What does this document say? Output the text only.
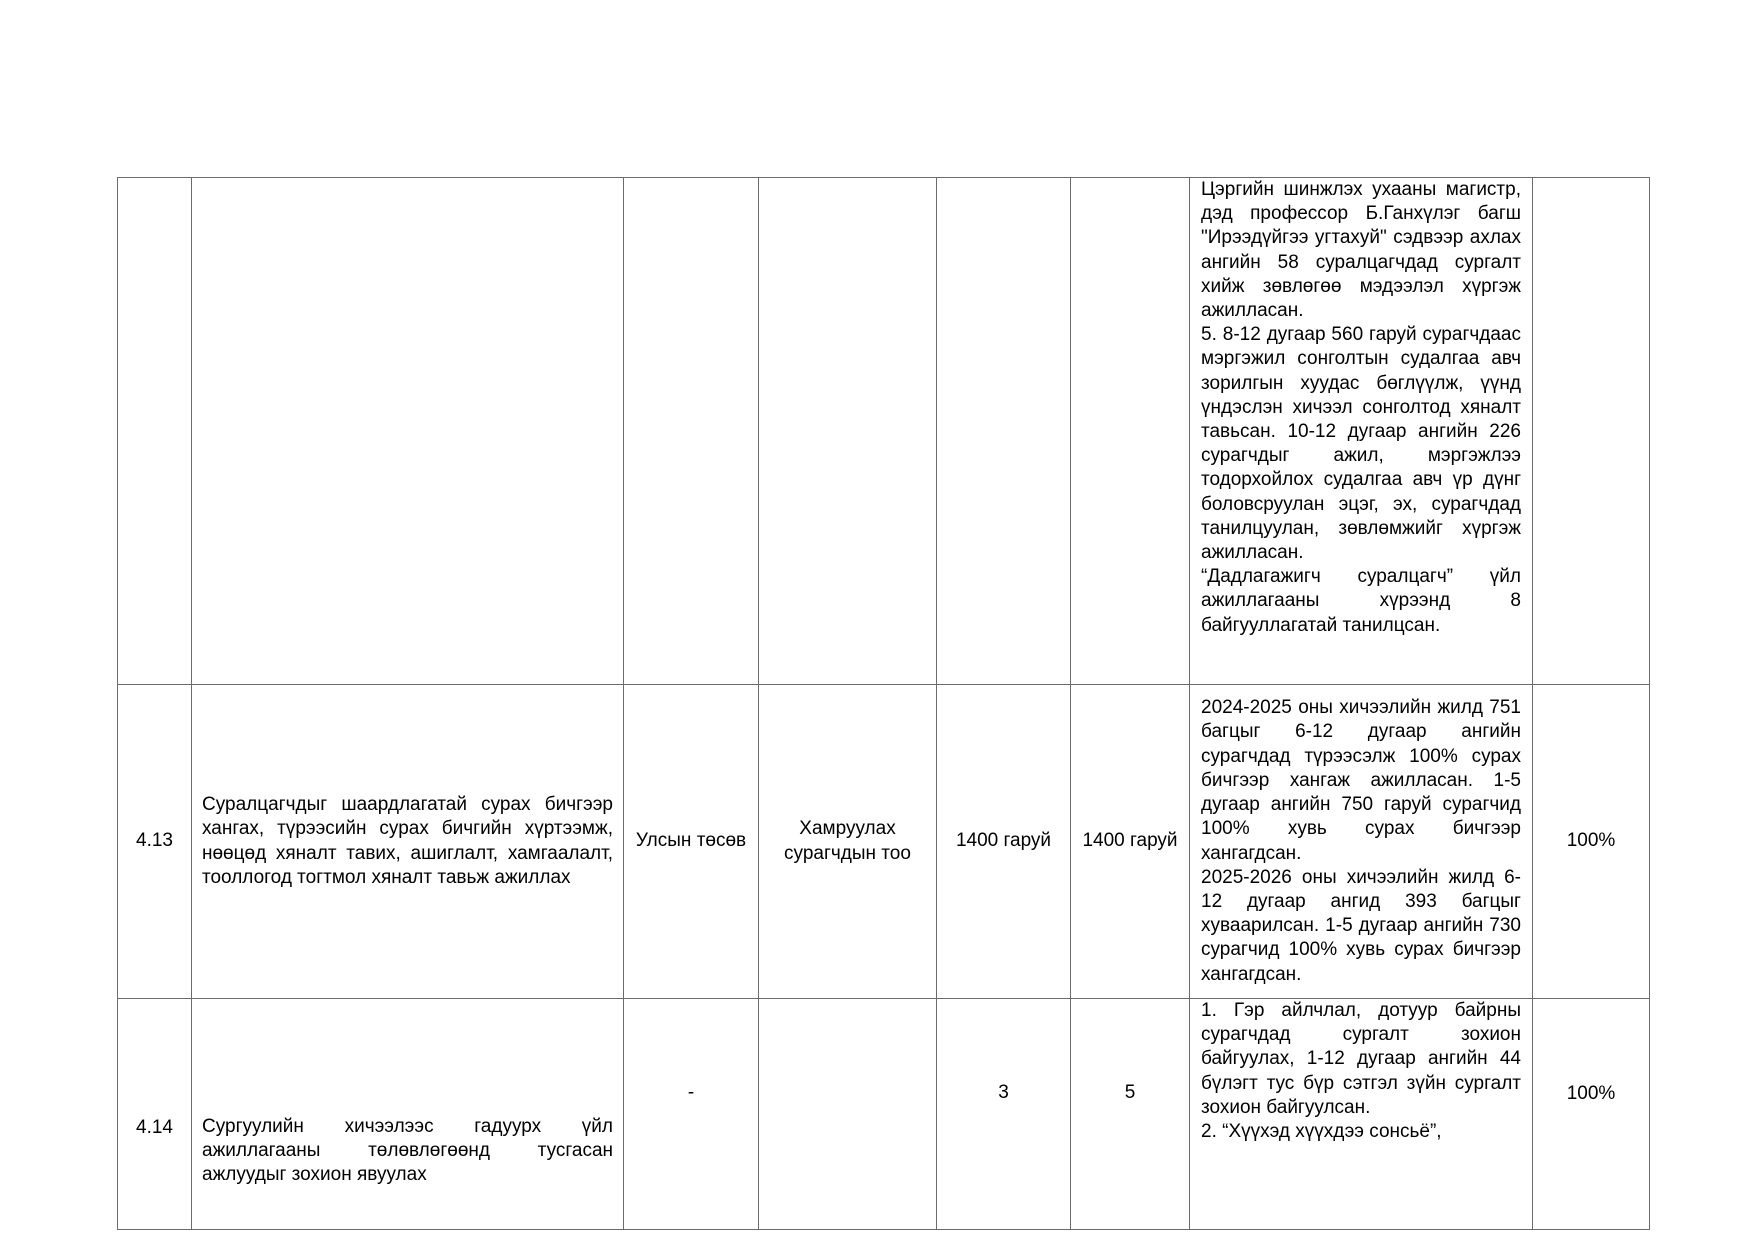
						Цэргийн шинжлэх ухааны магистр, дэд профессор Б.Ганхүлэг багш "Ирээдүйгээ угтахуй" сэдвээр ахлах ангийн 58 суралцагчдад сургалт хийж зөвлөгөө мэдээлэл хүргэж ажилласан.

5. 8-12 дугаар 560 гаруй сурагчдаас мэргэжил сонголтын судалгаа авч зорилгын хуудас бөглүүлж, үүнд үндэслэн хичээл сонголтод хяналт тавьсан. 10-12 дугаар ангийн 226 сурагчдыг ажил, мэргэжлээ тодорхойлох судалгаа авч үр дүнг боловсруулан эцэг, эх, сурагчдад танилцуулан, зөвлөмжийг хүргэж ажилласан.

“Дадлагажигч суралцагч” үйл ажиллагааны хүрээнд 8 байгууллагатай танилцсан.	

4.13	Суралцагчдыг шаардлагатай сурах бичгээр хангах, түрээсийн сурах бичгийн хүртээмж, нөөцөд хяналт тавих, ашиглалт, хамгаалалт, тооллогод тогтмол хяналт тавьж ажиллах	Улсын төсөв	Хамруулах сурагчдын тоо	1400 гаруй	1400 гаруй	2024-2025 оны хичээлийн жилд 751 багцыг 6-12 дугаар ангийн сурагчдад түрээсэлж 100% сурах бичгээр хангаж ажилласан. 1-5 дугаар ангийн 750 гаруй сурагчид 100% хувь сурах бичгээр хангагдсан.

2025-2026 оны хичээлийн жилд 6-12 дугаар ангид 393 багцыг хуваарилсан. 1-5 дугаар ангийн 730 сурагчид 100% хувь сурах бичгээр хангагдсан.	100%
4.14	Сургуулийн хичээлээс гадуурх үйл ажиллагааны төлөвлөгөөнд тусгасан ажлуудыг зохион явуулах	-		3	5	1. Гэр айлчлал, дотуур байрны сурагчдад сургалт зохион байгуулах, 1-12 дугаар ангийн 44 бүлэгт тус бүр сэтгэл зүйн сургалт зохион байгуулсан.

2. “Хүүхэд хүүхдээ сонсьё”,	100%
